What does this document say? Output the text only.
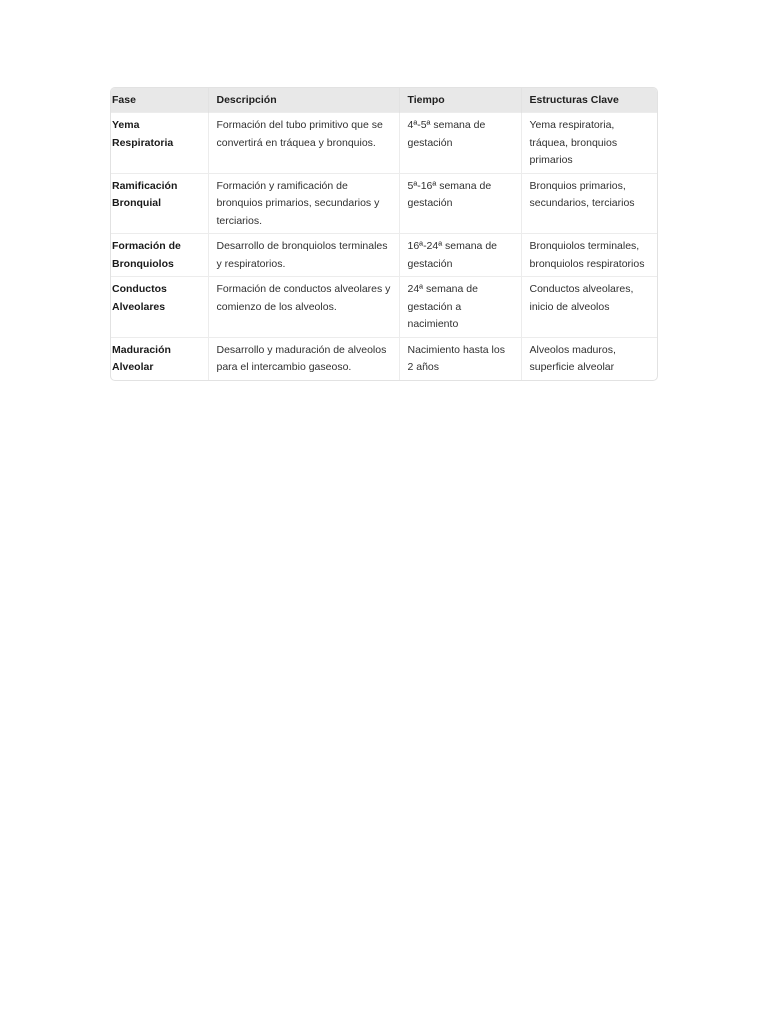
Fase	Descripción	Tiempo	Estructuras Clave
Yema Respiratoria	Formación del tubo primitivo que se convertirá en tráquea y bronquios.	4ª-5ª semana de gestación	Yema respiratoria, tráquea, bronquios primarios
Ramificación Bronquial	Formación y ramificación de bronquios primarios, secundarios y terciarios.	5ª-16ª semana de gestación	Bronquios primarios, secundarios, terciarios
Formación de Bronquiolos	Desarrollo de bronquiolos terminales y respiratorios.	16ª-24ª semana de gestación	Bronquiolos terminales, bronquiolos respiratorios
Conductos Alveolares	Formación de conductos alveolares y comienzo de los alveolos.	24ª semana de gestación a nacimiento	Conductos alveolares, inicio de alveolos
Maduración Alveolar	Desarrollo y maduración de alveolos para el intercambio gaseoso.	Nacimiento hasta los 2 años	Alveolos maduros, superficie alveolar
